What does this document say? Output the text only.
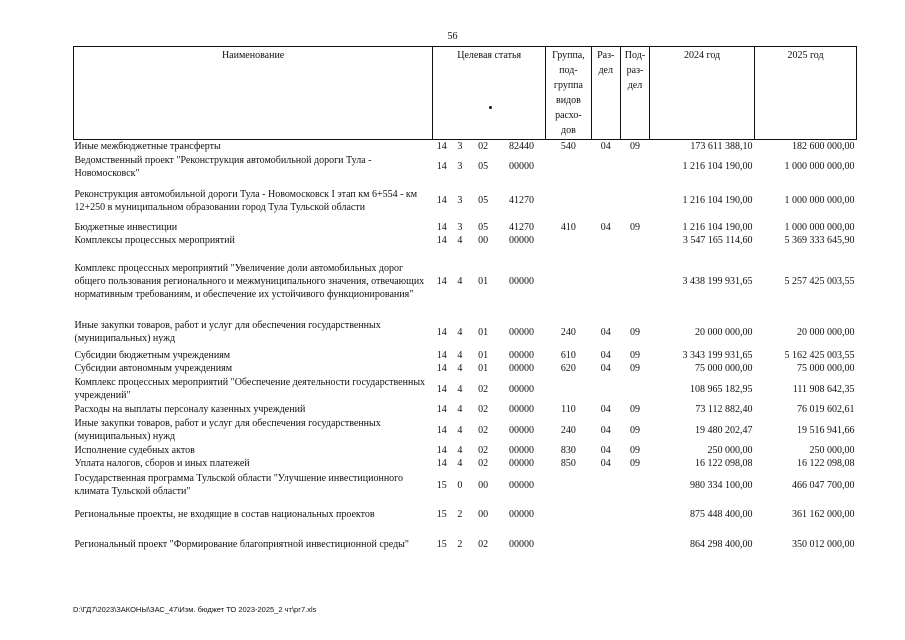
56
Наименование	Целевая статья				Группа, под-группа видов расхо-дов	Раз-дел	Под-раз-дел	2024 год	2025 год
Иные межбюджетные трансферты	14	3	02	82440	540	04	09	173 611 388,10	182 600 000,00
Ведомственный проект "Реконструкция автомобильной дороги Тула - Новомосковск"	14	3	05	00000				1 216 104 190,00	1 000 000 000,00
Реконструкция автомобильной дороги Тула - Новомосковск I этап км 6+554 - км 12+250 в муниципальном образовании город Тула Тульской области	14	3	05	41270				1 216 104 190,00	1 000 000 000,00
Бюджетные инвестиции	14	3	05	41270	410	04	09	1 216 104 190,00	1 000 000 000,00
Комплексы процессных мероприятий	14	4	00	00000				3 547 165 114,60	5 369 333 645,90
Комплекс процессных мероприятий "Увеличение доли автомобильных дорог общего пользования регионального и межмуниципального значения, отвечающих нормативным требованиям, и обеспечение их устойчивого функционирования"	14	4	01	00000				3 438 199 931,65	5 257 425 003,55
Иные закупки товаров, работ и услуг для обеспечения государственных (муниципальных) нужд	14	4	01	00000	240	04	09	20 000 000,00	20 000 000,00
Субсидии бюджетным учреждениям	14	4	01	00000	610	04	09	3 343 199 931,65	5 162 425 003,55
Субсидии автономным учреждениям	14	4	01	00000	620	04	09	75 000 000,00	75 000 000,00
Комплекс процессных мероприятий "Обеспечение деятельности государственных учреждений"	14	4	02	00000				108 965 182,95	111 908 642,35
Расходы на выплаты персоналу казенных учреждений	14	4	02	00000	110	04	09	73 112 882,40	76 019 602,61
Иные закупки товаров, работ и услуг для обеспечения государственных (муниципальных) нужд	14	4	02	00000	240	04	09	19 480 202,47	19 516 941,66
Исполнение судебных актов	14	4	02	00000	830	04	09	250 000,00	250 000,00
Уплата налогов, сборов и иных платежей	14	4	02	00000	850	04	09	16 122 098,08	16 122 098,08
Государственная программа Тульской области "Улучшение инвестиционного климата Тульской области"	15	0	00	00000				980 334 100,00	466 047 700,00
Региональные проекты, не входящие в состав национальных проектов	15	2	00	00000				875 448 400,00	361 162 000,00
Региональный проект "Формирование благоприятной инвестиционной среды"	15	2	02	00000				864 298 400,00	350 012 000,00
D:\ГД7\2023\ЗАКОНЫ\ЗАС_47\Изм. бюджет ТО 2023-2025_2 чт\рг7.xls
